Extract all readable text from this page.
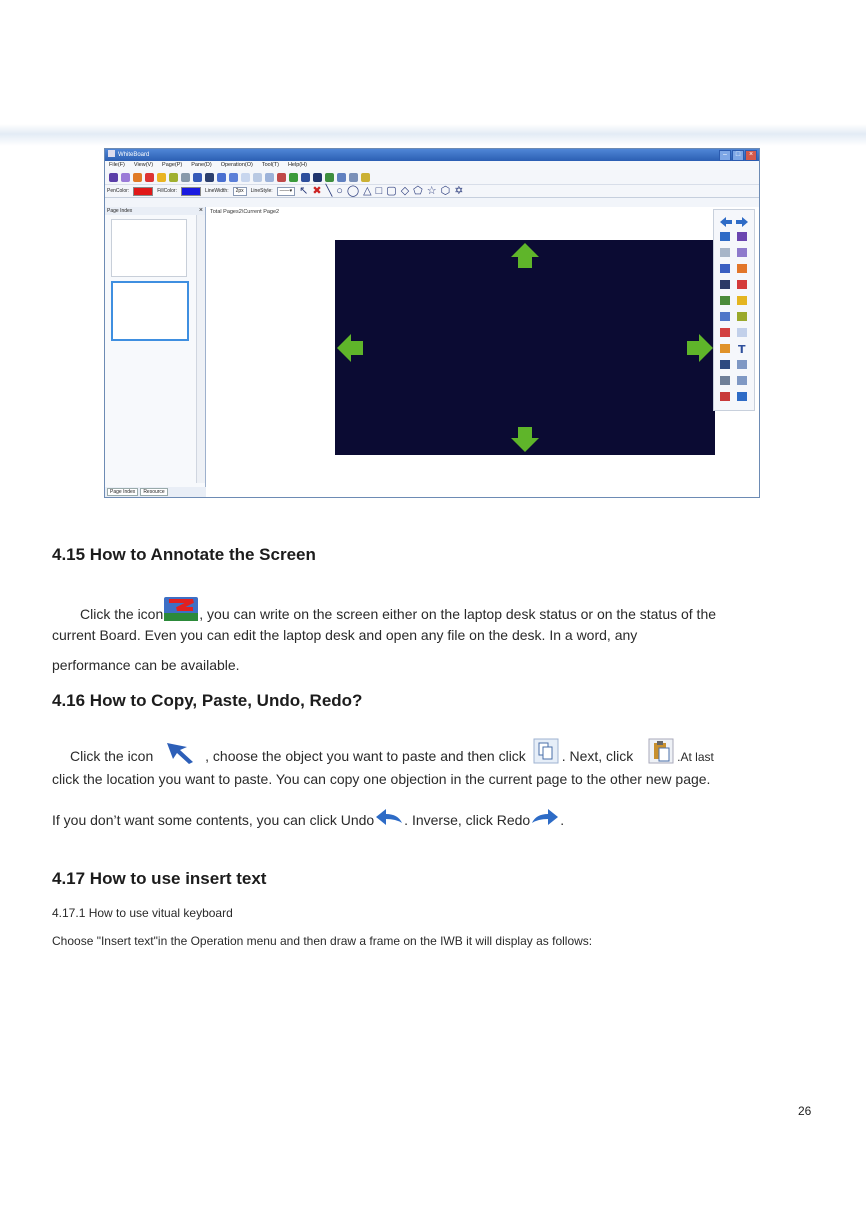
WhiteBoard	–	□	×
File(F) View(V) Page(P) Pane(D) Operation(O) Tool(T) Help(H)
PenColor:	FillColor:	LineWidth:	2px	LineStyle:	——▾ ↖ ✖ ╲ ○ ◯ △ □ ▢ ◇ ⬠ ☆ ⬡ ✡
Page Index	×
Page Index	Resource
Total Pages2\Current Page2
T
4.15 How to Annotate the Screen
Click the icon	, you can write on the screen either on the laptop desk status or on the status of the
current Board. Even you can edit the laptop desk and open any file on the desk. In a word, any
performance can be available.
4.16 How to Copy, Paste, Undo, Redo?
Click the icon	, choose the object you want to paste and then click	. Next, click	.At last
click the location you want to paste. You can copy one objection in the current page to the other new page.
If you don’t want some contents, you can click Undo . Inverse, click Redo .
4.17 How to use insert text
4.17.1 How to use vitual keyboard
Choose "Insert text"in the Operation menu and then draw a frame on the IWB it will display as follows:
26
